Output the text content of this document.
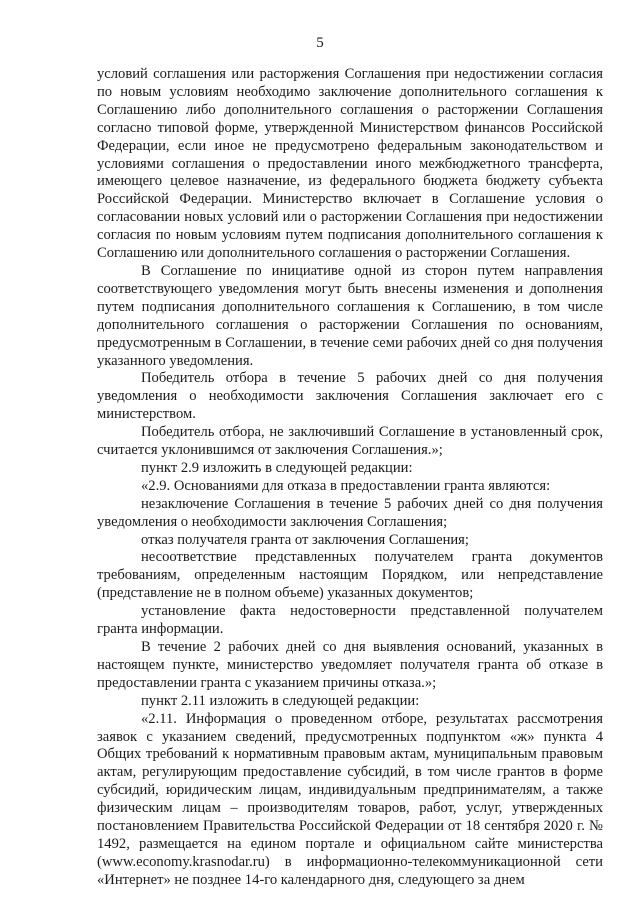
5

условий соглашения или расторжения Соглашения при недостижении согласия по новым условиям необходимо заключение дополнительного соглашения к Соглашению либо дополнительного соглашения о расторжении Соглашения согласно типовой форме, утвержденной Министерством финансов Российской Федерации, если иное не предусмотрено федеральным законодательством и условиями соглашения о предоставлении иного межбюджетного трансферта, имеющего целевое назначение, из федерального бюджета бюджету субъекта Российской Федерации. Министерство включает в Соглашение условия о согласовании новых условий или о расторжении Соглашения при недостижении согласия по новым условиям путем подписания дополнительного соглашения к Соглашению или дополнительного соглашения о расторжении Соглашения.

В Соглашение по инициативе одной из сторон путем направления соответствующего уведомления могут быть внесены изменения и дополнения путем подписания дополнительного соглашения к Соглашению, в том числе дополнительного соглашения о расторжении Соглашения по основаниям, предусмотренным в Соглашении, в течение семи рабочих дней со дня получения указанного уведомления.

Победитель отбора в течение 5 рабочих дней со дня получения уведомления о необходимости заключения Соглашения заключает его с министерством.

Победитель отбора, не заключивший Соглашение в установленный срок, считается уклонившимся от заключения Соглашения.»;

пункт 2.9 изложить в следующей редакции:

«2.9. Основаниями для отказа в предоставлении гранта являются:

незаключение Соглашения в течение 5 рабочих дней со дня получения уведомления о необходимости заключения Соглашения;

отказ получателя гранта от заключения Соглашения;

несоответствие представленных получателем гранта документов требованиям, определенным настоящим Порядком, или непредставление (представление не в полном объеме) указанных документов;

установление факта недостоверности представленной получателем гранта информации.

В течение 2 рабочих дней со дня выявления оснований, указанных в настоящем пункте, министерство уведомляет получателя гранта об отказе в предоставлении гранта с указанием причины отказа.»;

пункт 2.11 изложить в следующей редакции:

«2.11. Информация о проведенном отборе, результатах рассмотрения заявок с указанием сведений, предусмотренных подпунктом «ж» пункта 4 Общих требований к нормативным правовым актам, муниципальным правовым актам, регулирующим предоставление субсидий, в том числе грантов в форме субсидий, юридическим лицам, индивидуальным предпринимателям, а также физическим лицам – производителям товаров, работ, услуг, утвержденных постановлением Правительства Российской Федерации от 18 сентября 2020 г. № 1492, размещается на едином портале и официальном сайте министерства (www.economy.krasnodar.ru) в информационно-телекоммуникационной сети «Интернет» не позднее 14-го календарного дня, следующего за днем
